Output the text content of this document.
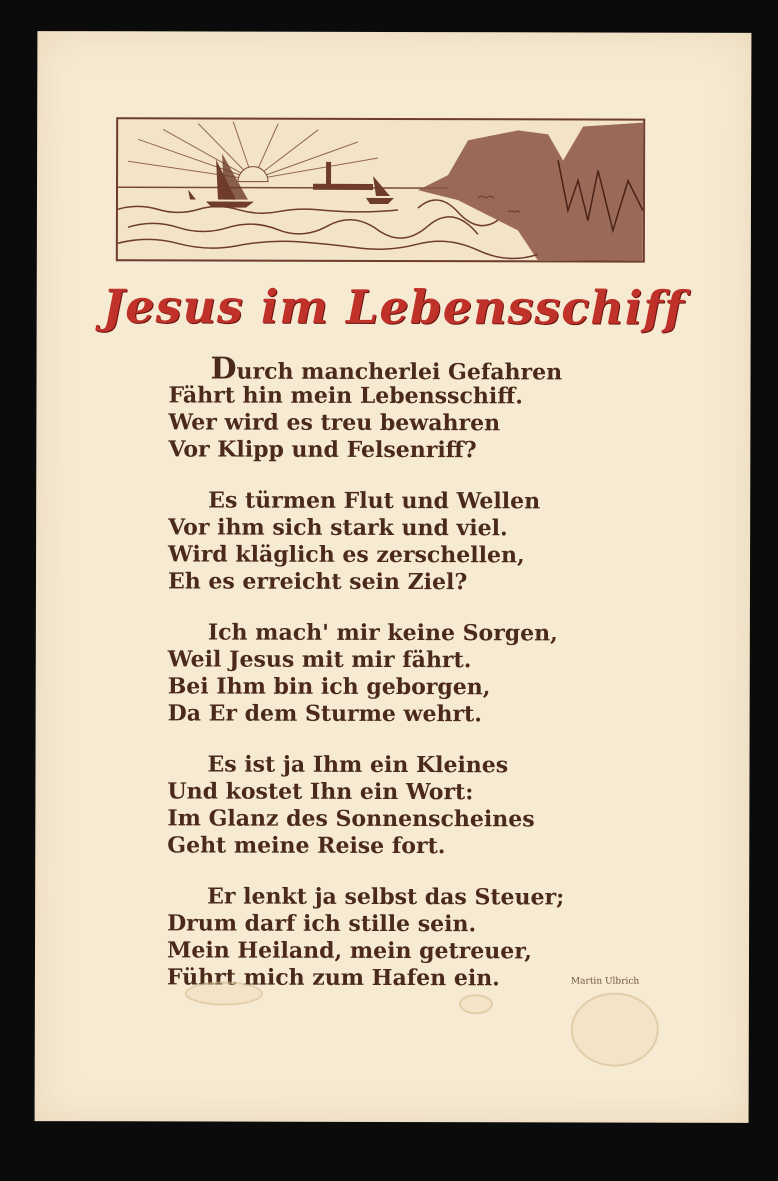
Jesus im Lebensschiff
Durch mancherlei Gefahren
Fährt hin mein Lebensschiff.
Wer wird es treu bewahren
Vor Klipp und Felsenriff?
Es türmen Flut und Wellen
Vor ihm sich stark und viel.
Wird kläglich es zerschellen,
Eh es erreicht sein Ziel?
Ich mach' mir keine Sorgen,
Weil Jesus mit mir fährt.
Bei Ihm bin ich geborgen,
Da Er dem Sturme wehrt.
Es ist ja Ihm ein Kleines
Und kostet Ihn ein Wort:
Im Glanz des Sonnenscheines
Geht meine Reise fort.
Er lenkt ja selbst das Steuer;
Drum darf ich stille sein.
Mein Heiland, mein getreuer,
Führt mich zum Hafen ein.	Martin Ulbrich
